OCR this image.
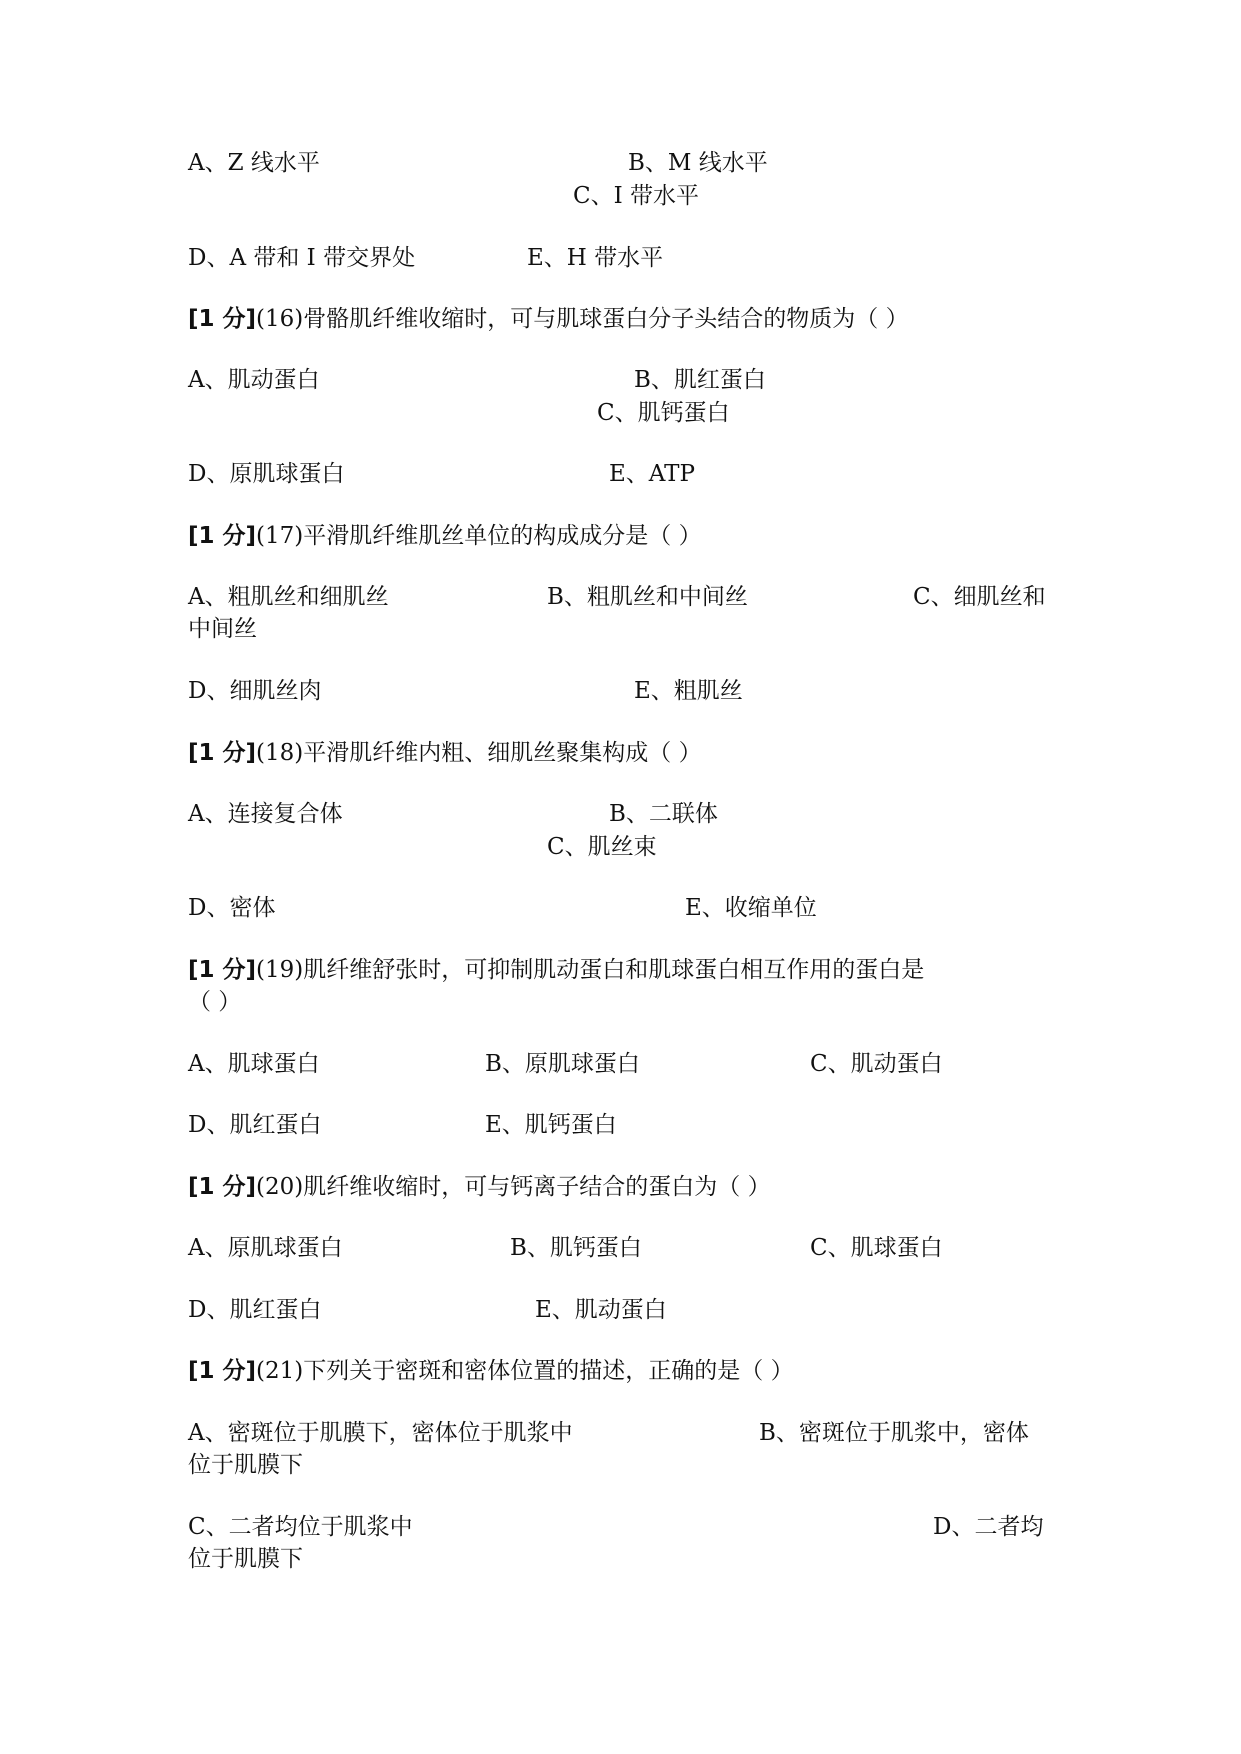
A、Z 线水平	B、M 线水平
C、I 带水平
D、A 带和 I 带交界处	E、H 带水平
[1 分](16)骨骼肌纤维收缩时，可与肌球蛋白分子头结合的物质为（ ）
A、肌动蛋白	B、肌红蛋白
C、肌钙蛋白
D、原肌球蛋白	E、ATP
[1 分](17)平滑肌纤维肌丝单位的构成成分是（ ）
A、粗肌丝和细肌丝	B、粗肌丝和中间丝	C、细肌丝和
中间丝
D、细肌丝肉	E、粗肌丝
[1 分](18)平滑肌纤维内粗、细肌丝聚集构成（ ）
A、连接复合体	B、二联体
C、肌丝束
D、密体	E、收缩单位
[1 分](19)肌纤维舒张时，可抑制肌动蛋白和肌球蛋白相互作用的蛋白是
（ ）
A、肌球蛋白	B、原肌球蛋白	C、肌动蛋白
D、肌红蛋白	E、肌钙蛋白
[1 分](20)肌纤维收缩时，可与钙离子结合的蛋白为（ ）
A、原肌球蛋白	B、肌钙蛋白	C、肌球蛋白
D、肌红蛋白	E、肌动蛋白
[1 分](21)下列关于密斑和密体位置的描述，正确的是（ ）
A、密斑位于肌膜下，密体位于肌浆中	B、密斑位于肌浆中，密体
位于肌膜下
C、二者均位于肌浆中	D、二者均
位于肌膜下
